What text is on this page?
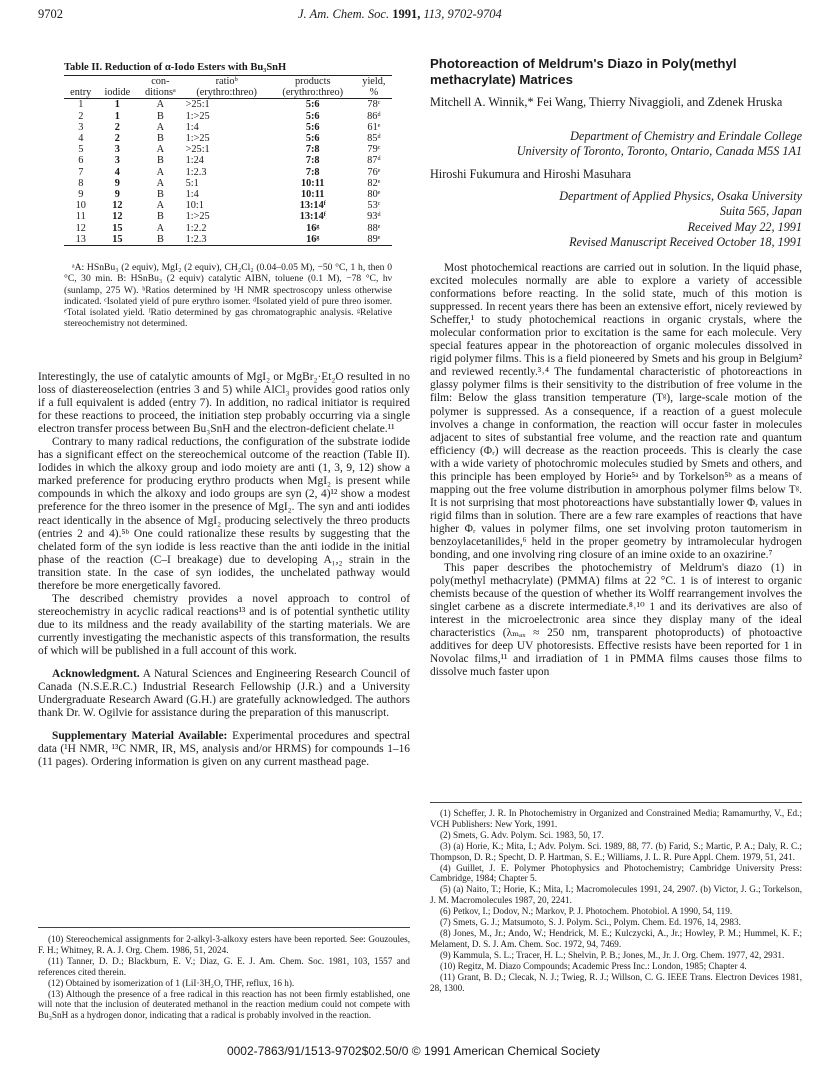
9702	J. Am. Chem. Soc. 1991, 113, 9702-9704
Table II. Reduction of α-Iodo Esters with Bu₃SnH
		con-	ratioᵇ	products	yield,
entry	iodide	ditionsᵃ	(erythro:threo)	(erythro:threo)	%
1	1	A	>25:1	5:6	78ᶜ
2	1	B	1:>25	5:6	86ᵈ
3	2	A	1:4	5:6	61ᵉ
4	2	B	1:>25	5:6	85ᵈ
5	3	A	>25:1	7:8	79ᶜ
6	3	B	1:24	7:8	87ᵈ
7	4	A	1:2.3	7:8	76ᵉ
8	9	A	5:1	10:11	82ᵉ
9	9	B	1:4	10:11	80ᵉ
10	12	A	10:1	13:14ᶠ	53ᶜ
11	12	B	1:>25	13:14ᶠ	93ᵈ
12	15	A	1:2.2	16ᵍ	88ᵉ
13	15	B	1:2.3	16ᵍ	89ᵉ

ᵃA: HSnBu₃ (2 equiv), MgI₂ (2 equiv), CH₂Cl₂ (0.04–0.05 M), −50 °C, 1 h, then 0 °C, 30 min. B: HSnBu₃ (2 equiv) catalytic AIBN, toluene (0.1 M), −78 °C, hν (sunlamp, 275 W). ᵇRatios determined by ¹H NMR spectroscopy unless otherwise indicated. ᶜIsolated yield of pure erythro isomer. ᵈIsolated yield of pure threo isomer. ᵉTotal isolated yield. ᶠRatio determined by gas chromatographic analysis. ᵍRelative stereochemistry not determined.

Interestingly, the use of catalytic amounts of MgI₂ or MgBr₂·Et₂O resulted in no loss of diastereoselection (entries 3 and 5) while AlCl₃ provides good ratios only if a full equivalent is added (entry 7). In addition, no radical initiator is required for these reactions to proceed, the initiation step probably occurring via a single electron transfer process between Bu₃SnH and the electron-deficient chelate.¹¹

Contrary to many radical reductions, the configuration of the substrate iodide has a significant effect on the stereochemical outcome of the reaction (Table II). Iodides in which the alkoxy group and iodo moiety are anti (1, 3, 9, 12) show a marked preference for producing erythro products when MgI₂ is present while compounds in which the alkoxy and iodo groups are syn (2, 4)¹² show a modest preference for the threo isomer in the presence of MgI₂. The syn and anti iodides react identically in the absence of MgI₂ producing selectively the threo products (entries 2 and 4).⁵ᵇ One could rationalize these results by suggesting that the chelated form of the syn iodide is less reactive than the anti iodide in the initial phase of the reaction (C–I breakage) due to developing A₁,₂ strain in the transition state. In the case of syn iodides, the unchelated pathway would therefore be more energetically favored.

The described chemistry provides a novel approach to control of stereochemistry in acyclic radical reactions¹³ and is of potential synthetic utility due to its mildness and the ready availability of the starting materials. We are currently investigating the mechanistic aspects of this transformation, the results of which will be published in a full account of this work.

Acknowledgment. A Natural Sciences and Engineering Research Council of Canada (N.S.E.R.C.) Industrial Research Fellowship (J.R.) and a University Undergraduate Research Award (G.H.) are gratefully acknowledged. The authors thank Dr. W. Ogilvie for assistance during the preparation of this manuscript.

Supplementary Material Available: Experimental procedures and spectral data (¹H NMR, ¹³C NMR, IR, MS, analysis and/or HRMS) for compounds 1–16 (11 pages). Ordering information is given on any current masthead page.

(10) Stereochemical assignments for 2-alkyl-3-alkoxy esters have been reported. See: Gouzoules, F. H.; Whitney, R. A. J. Org. Chem. 1986, 51, 2024.

(11) Tanner, D. D.; Blackburn, E. V.; Diaz, G. E. J. Am. Chem. Soc. 1981, 103, 1557 and references cited therein.

(12) Obtained by isomerization of 1 (LiI·3H₂O, THF, reflux, 16 h).

(13) Although the presence of a free radical in this reaction has not been firmly established, one will note that the inclusion of deuterated methanol in the reaction medium could not compete with Bu₃SnH as a hydrogen donor, indicating that a radical is probably involved in the reaction.

Photoreaction of Meldrum's Diazo in Poly(methyl methacrylate) Matrices
Mitchell A. Winnik,* Fei Wang, Thierry Nivaggioli, and Zdenek Hruska
Department of Chemistry and Erindale College
University of Toronto, Toronto, Ontario, Canada M5S 1A1
Hiroshi Fukumura and Hiroshi Masuhara
Department of Applied Physics, Osaka University
Suita 565, Japan
Received May 22, 1991
Revised Manuscript Received October 18, 1991

Most photochemical reactions are carried out in solution. In the liquid phase, excited molecules normally are able to explore a variety of accessible conformations before reacting. In the solid state, much of this motion is suppressed. In recent years there has been an extensive effort, nicely reviewed by Scheffer,¹ to study photochemical reactions in organic crystals, where the molecular conformation prior to excitation is the same for each molecule. Very special features appear in the photoreaction of organic molecules dissolved in rigid polymer films. This is a field pioneered by Smets and his group in Belgium² and reviewed recently.³˒⁴ The fundamental characteristic of photoreactions in glassy polymer films is their sensitivity to the distribution of free volume in the film: Below the glass transition temperature (Tᵍ), large-scale motion of the polymer is suppressed. As a consequence, if a reaction of a guest molecule involves a change in conformation, the reaction will occur faster in molecules adjacent to sites of substantial free volume, and the reaction rate and quantum efficiency (Φᵣ) will decrease as the reaction proceeds. This is clearly the case with a wide variety of photochromic molecules studied by Smets and others, and this principle has been employed by Horie⁵ᵃ and by Torkelson⁵ᵇ as a means of mapping out the free volume distribution in amorphous polymer films below Tᵍ. It is not surprising that most photoreactions have substantially lower Φᵣ values in rigid films than in solution. There are a few rare examples of reactions that have higher Φᵣ values in polymer films, one set involving proton tautomerism in benzoylacetanilides,⁶ held in the proper geometry by intramolecular hydrogen bonding, and one involving ring closure of an imine oxide to an oxazirine.⁷

This paper describes the photochemistry of Meldrum's diazo (1) in poly(methyl methacrylate) (PMMA) films at 22 °C. 1 is of interest to organic chemists because of the question of whether its Wolff rearrangement involves the singlet carbene as a discrete intermediate.⁸˒¹⁰ 1 and its derivatives are also of interest in the microelectronic area since they display many of the ideal characteristics (λₘₐₓ ≈ 250 nm, transparent photoproducts) of photoactive additives for deep UV photoresists. Effective resists have been reported for 1 in Novolac films,¹¹ and irradiation of 1 in PMMA films causes those films to dissolve much faster upon

(1) Scheffer, J. R. In Photochemistry in Organized and Constrained Media; Ramamurthy, V., Ed.; VCH Publishers: New York, 1991.

(2) Smets, G. Adv. Polym. Sci. 1983, 50, 17.

(3) (a) Horie, K.; Mita, I.; Adv. Polym. Sci. 1989, 88, 77. (b) Farid, S.; Martic, P. A.; Daly, R. C.; Thompson, D. R.; Specht, D. P. Hartman, S. E.; Williams, J. L. R. Pure Appl. Chem. 1979, 51, 241.

(4) Guillet, J. E. Polymer Photophysics and Photochemistry; Cambridge University Press: Cambridge, 1984; Chapter 5.

(5) (a) Naito, T.; Horie, K.; Mita, I.; Macromolecules 1991, 24, 2907. (b) Victor, J. G.; Torkelson, J. M. Macromolecules 1987, 20, 2241.

(6) Petkov, I.; Dodov, N.; Markov, P. J. Photochem. Photobiol. A 1990, 54, 119.

(7) Smets, G. J.; Matsumoto, S. J. Polym. Sci., Polym. Chem. Ed. 1976, 14, 2983.

(8) Jones, M., Jr.; Ando, W.; Hendrick, M. E.; Kulczycki, A., Jr.; Howley, P. M.; Hummel, K. F.; Melament, D. S. J. Am. Chem. Soc. 1972, 94, 7469.

(9) Kammula, S. L.; Tracer, H. L.; Shelvin, P. B.; Jones, M., Jr. J. Org. Chem. 1977, 42, 2931.

(10) Regitz, M. Diazo Compounds; Academic Press Inc.: London, 1985; Chapter 4.

(11) Grant, B. D.; Clecak, N. J.; Twieg, R. J.; Willson, C. G. IEEE Trans. Electron Devices 1981, 28, 1300.

0002-7863/91/1513-9702$02.50/0 © 1991 American Chemical Society
